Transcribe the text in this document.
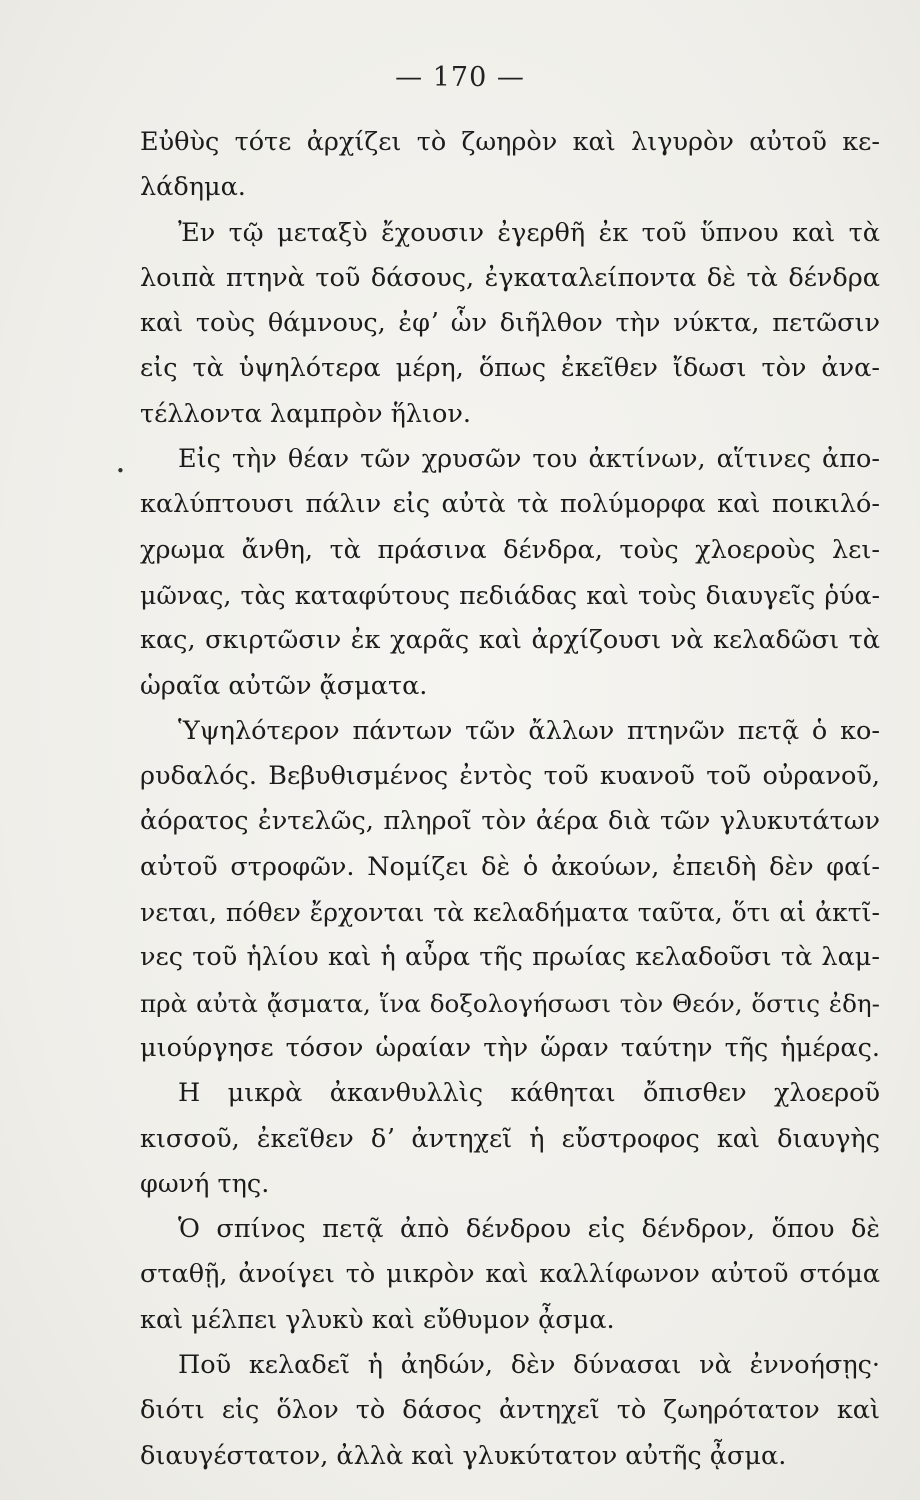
— 170 —
•
Εὐθὺς τότε ἀρχίζει τὸ ζωηρὸν καὶ λιγυρὸν αὐτοῦ κε-
λάδημα.
Ἐν τῷ μεταξὺ ἔχουσιν ἐγερθῆ ἐκ τοῦ ὕπνου καὶ τὰ
λοιπὰ πτηνὰ τοῦ δάσους, ἐγκαταλείποντα δὲ τὰ δένδρα
καὶ τοὺς θάμνους, ἐφʼ ὧν διῆλθον τὴν νύκτα, πετῶσιν
εἰς τὰ ὑψηλότερα μέρη, ὅπως ἐκεῖθεν ἴδωσι τὸν ἀνα-
τέλλοντα λαμπρὸν ἥλιον.
Εἰς τὴν θέαν τῶν χρυσῶν του ἀκτίνων, αἵτινες ἀπο-
καλύπτουσι πάλιν εἰς αὐτὰ τὰ πολύμορφα καὶ ποικιλό-
χρωμα ἄνθη, τὰ πράσινα δένδρα, τοὺς χλοεροὺς λει-
μῶνας, τὰς καταφύτους πεδιάδας καὶ τοὺς διαυγεῖς ῥύα-
κας, σκιρτῶσιν ἐκ χαρᾶς καὶ ἀρχίζουσι νὰ κελαδῶσι τὰ
ὡραῖα αὐτῶν ᾄσματα.
Ὑψηλότερον πάντων τῶν ἄλλων πτηνῶν πετᾷ ὁ κο-
ρυδαλός. Βεβυθισμένος ἐντὸς τοῦ κυανοῦ τοῦ οὐρανοῦ,
ἀόρατος ἐντελῶς, πληροῖ τὸν ἀέρα διὰ τῶν γλυκυτάτων
αὐτοῦ στροφῶν. Νομίζει δὲ ὁ ἀκούων, ἐπειδὴ δὲν φαί-
νεται, πόθεν ἔρχονται τὰ κελαδήματα ταῦτα, ὅτι αἱ ἀκτῖ-
νες τοῦ ἡλίου καὶ ἡ αὖρα τῆς πρωίας κελαδοῦσι τὰ λαμ-
πρὰ αὐτὰ ᾄσματα, ἵνα δοξολογήσωσι τὸν Θεόν, ὅστις ἐδη-
μιούργησε τόσον ὡραίαν τὴν ὥραν ταύτην τῆς ἡμέρας.
Η μικρὰ ἀκανθυλλὶς κάθηται ὄπισθεν χλοεροῦ
κισσοῦ, ἐκεῖθεν δʼ ἀντηχεῖ ἡ εὔστροφος καὶ διαυγὴς
φωνή της.
Ὁ σπίνος πετᾷ ἀπὸ δένδρου εἰς δένδρον, ὅπου δὲ
σταθῇ, ἀνοίγει τὸ μικρὸν καὶ καλλίφωνον αὐτοῦ στόμα
καὶ μέλπει γλυκὺ καὶ εὔθυμον ᾆσμα.
Ποῦ κελαδεῖ ἡ ἀηδών, δὲν δύνασαι νὰ ἐννοήσῃς·
διότι εἰς ὅλον τὸ δάσος ἀντηχεῖ τὸ ζωηρότατον καὶ
διαυγέστατον, ἀλλὰ καὶ γλυκύτατον αὐτῆς ᾆσμα.
